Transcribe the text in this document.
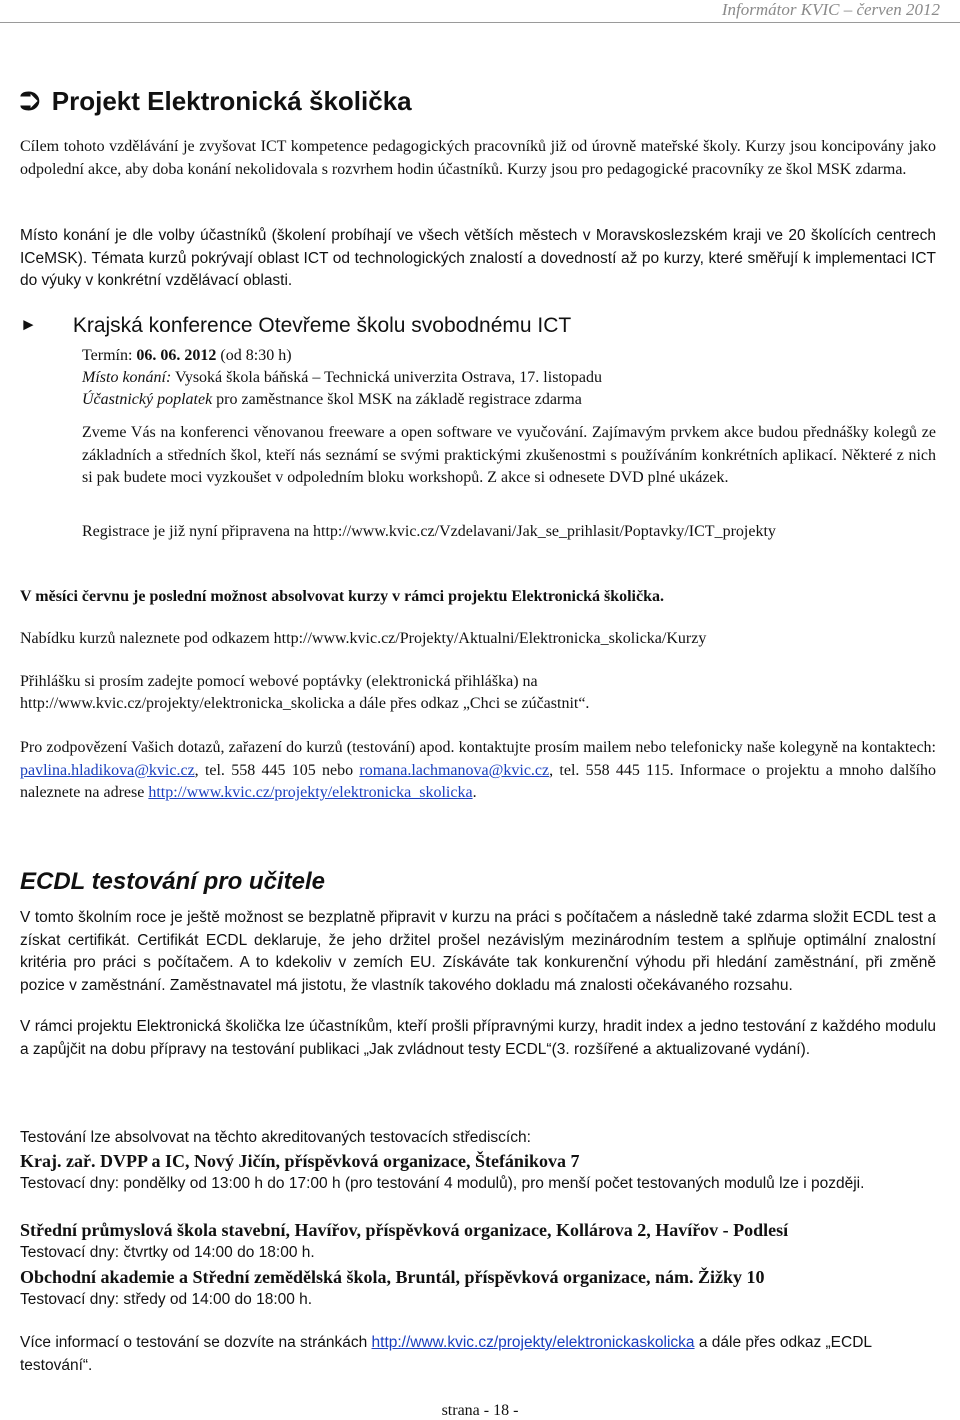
Informátor KVIC – červen 2012
⮊ Projekt Elektronická školička
Cílem tohoto vzdělávání je zvyšovat ICT kompetence pedagogických pracovníků již od úrovně mateřské školy. Kurzy jsou koncipovány jako odpolední akce, aby doba konání nekolidovala s rozvrhem hodin účastníků. Kurzy jsou pro pedagogické pracovníky ze škol MSK zdarma.
Místo konání je dle volby účastníků (školení probíhají ve všech větších městech v Moravskoslezském kraji ve 20 školících centrech ICeMSK). Témata kurzů pokrývají oblast ICT od technologických znalostí a dovedností až po kurzy, které směřují k implementaci ICT do výuky v konkrétní vzdělávací oblasti.
► Krajská konference Otevřeme školu svobodnému ICT
Termín: 06. 06. 2012 (od 8:30 h)
Místo konání: Vysoká škola báňská – Technická univerzita Ostrava, 17. listopadu
Účastnický poplatek pro zaměstnance škol MSK na základě registrace zdarma
Zveme Vás na konferenci věnovanou freeware a open software ve vyučování. Zajímavým prvkem akce budou přednášky kolegů ze základních a středních škol, kteří nás seznámí se svými praktickými zkušenostmi s používáním konkrétních aplikací. Některé z nich si pak budete moci vyzkoušet v odpoledním bloku workshopů. Z akce si odnesete DVD plné ukázek.
Registrace je již nyní připravena na http://www.kvic.cz/Vzdelavani/Jak_se_prihlasit/Poptavky/ICT_projekty
V měsíci červnu je poslední možnost absolvovat kurzy v rámci projektu Elektronická školička.
Nabídku kurzů naleznete pod odkazem http://www.kvic.cz/Projekty/Aktualni/Elektronicka_skolicka/Kurzy
Přihlášku si prosím zadejte pomocí webové poptávky (elektronická přihláška) na
http://www.kvic.cz/projekty/elektronicka_skolicka a dále přes odkaz „Chci se zúčastnit“.
Pro zodpovězení Vašich dotazů, zařazení do kurzů (testování) apod. kontaktujte prosím mailem nebo telefonicky naše kolegyně na kontaktech: pavlina.hladikova@kvic.cz, tel. 558 445 105 nebo romana.lachmanova@kvic.cz, tel. 558 445 115. Informace o projektu a mnoho dalšího naleznete na adrese http://www.kvic.cz/projekty/elektronicka_skolicka.
ECDL testování pro učitele
V tomto školním roce je ještě možnost se bezplatně připravit v kurzu na práci s počítačem a následně také zdarma složit ECDL test a získat certifikát. Certifikát ECDL deklaruje, že jeho držitel prošel nezávislým mezinárodním testem a splňuje optimální znalostní kritéria pro práci s počítačem. A to kdekoliv v zemích EU. Získáváte tak konkurenční výhodu při hledání zaměstnání, při změně pozice v zaměstnání. Zaměstnavatel má jistotu, že vlastník takového dokladu má znalosti očekávaného rozsahu.
V rámci projektu Elektronická školička lze účastníkům, kteří prošli přípravnými kurzy, hradit index a jedno testování z každého modulu a zapůjčit na dobu přípravy na testování publikaci „Jak zvládnout testy ECDL“(3. rozšířené a aktualizované vydání).
Testování lze absolvovat na těchto akreditovaných testovacích střediscích:
Kraj. zař. DVPP a IC, Nový Jičín, příspěvková organizace, Štefánikova 7
Testovací dny: pondělky od 13:00 h do 17:00 h (pro testování 4 modulů), pro menší počet testovaných modulů lze i později.
Střední průmyslová škola stavební, Havířov, příspěvková organizace, Kollárova 2, Havířov - Podlesí
Testovací dny: čtvrtky od 14:00 do 18:00 h.
Obchodní akademie a Střední zemědělská škola, Bruntál, příspěvková organizace, nám. Žižky 10
Testovací dny: středy od 14:00 do 18:00 h.
Více informací o testování se dozvíte na stránkách http://www.kvic.cz/projekty/elektronickaskolicka a dále přes odkaz „ECDL testování“.
strana - 18 -
